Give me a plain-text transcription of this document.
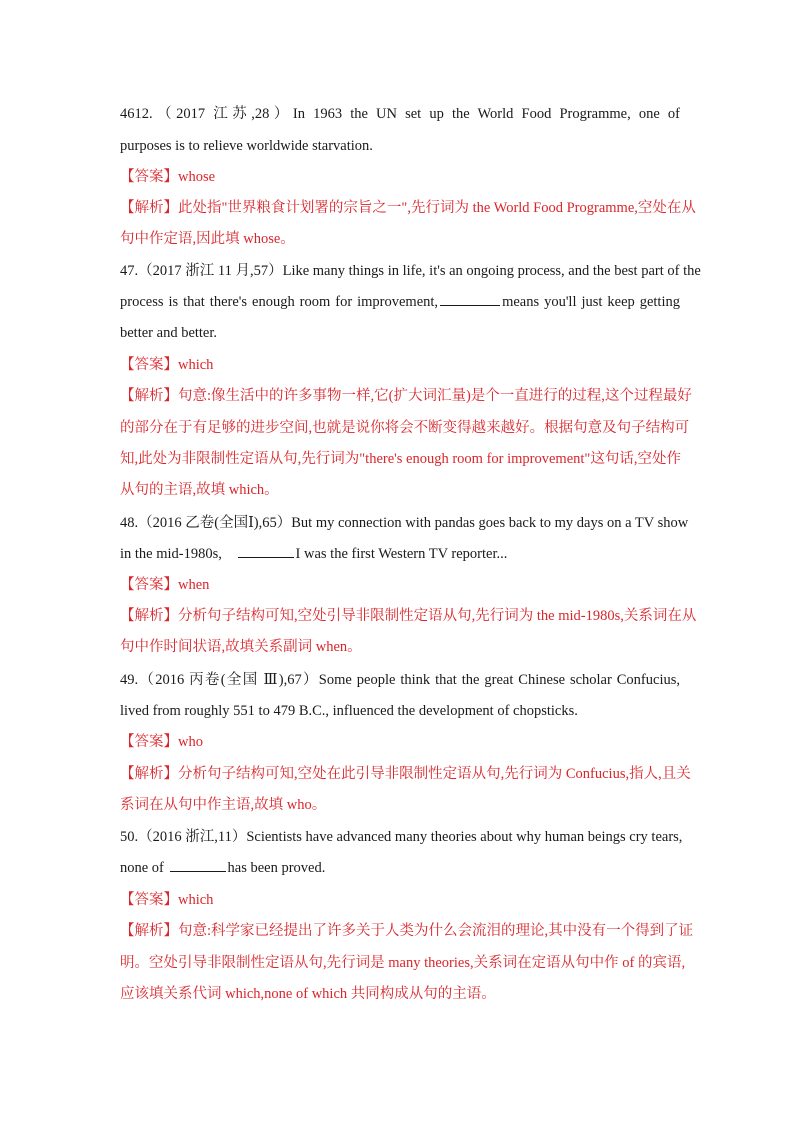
4612.（2017 江苏,28）In 1963 the UN set up the World Food Programme, one of
purposes is to relieve worldwide starvation.
【答案】whose
【解析】此处指"世界粮食计划署的宗旨之一",先行词为 the World Food Programme,空处在从
句中作定语,因此填 whose。
47.（2017 浙江 11 月,57）Like many things in life, it's an ongoing process, and the best part of the
process is that there's enough room for improvement,	means you'll just keep getting
better and better.
【答案】which
【解析】句意:像生活中的许多事物一样,它(扩大词汇量)是个一直进行的过程,这个过程最好
的部分在于有足够的进步空间,也就是说你将会不断变得越来越好。根据句意及句子结构可
知,此处为非限制性定语从句,先行词为"there's enough room for improvement"这句话,空处作
从句的主语,故填 which。
48.（2016 乙卷(全国Ⅰ),65）But my connection with pandas goes back to my days on a TV show
in the mid-1980s,	I was the first Western TV reporter...
【答案】when
【解析】分析句子结构可知,空处引导非限制性定语从句,先行词为 the mid-1980s,关系词在从
句中作时间状语,故填关系副词 when。
49.（2016 丙卷(全国 Ⅲ),67）Some people think that the great Chinese scholar Confucius,
lived from roughly 551 to 479 B.C., influenced the development of chopsticks.
【答案】who
【解析】分析句子结构可知,空处在此引导非限制性定语从句,先行词为 Confucius,指人,且关
系词在从句中作主语,故填 who。
50.（2016 浙江,11）Scientists have advanced many theories about why human beings cry tears,
none of	has been proved.
【答案】which
【解析】句意:科学家已经提出了许多关于人类为什么会流泪的理论,其中没有一个得到了证
明。空处引导非限制性定语从句,先行词是 many theories,关系词在定语从句中作 of 的宾语,
应该填关系代词 which,none of which 共同构成从句的主语。
